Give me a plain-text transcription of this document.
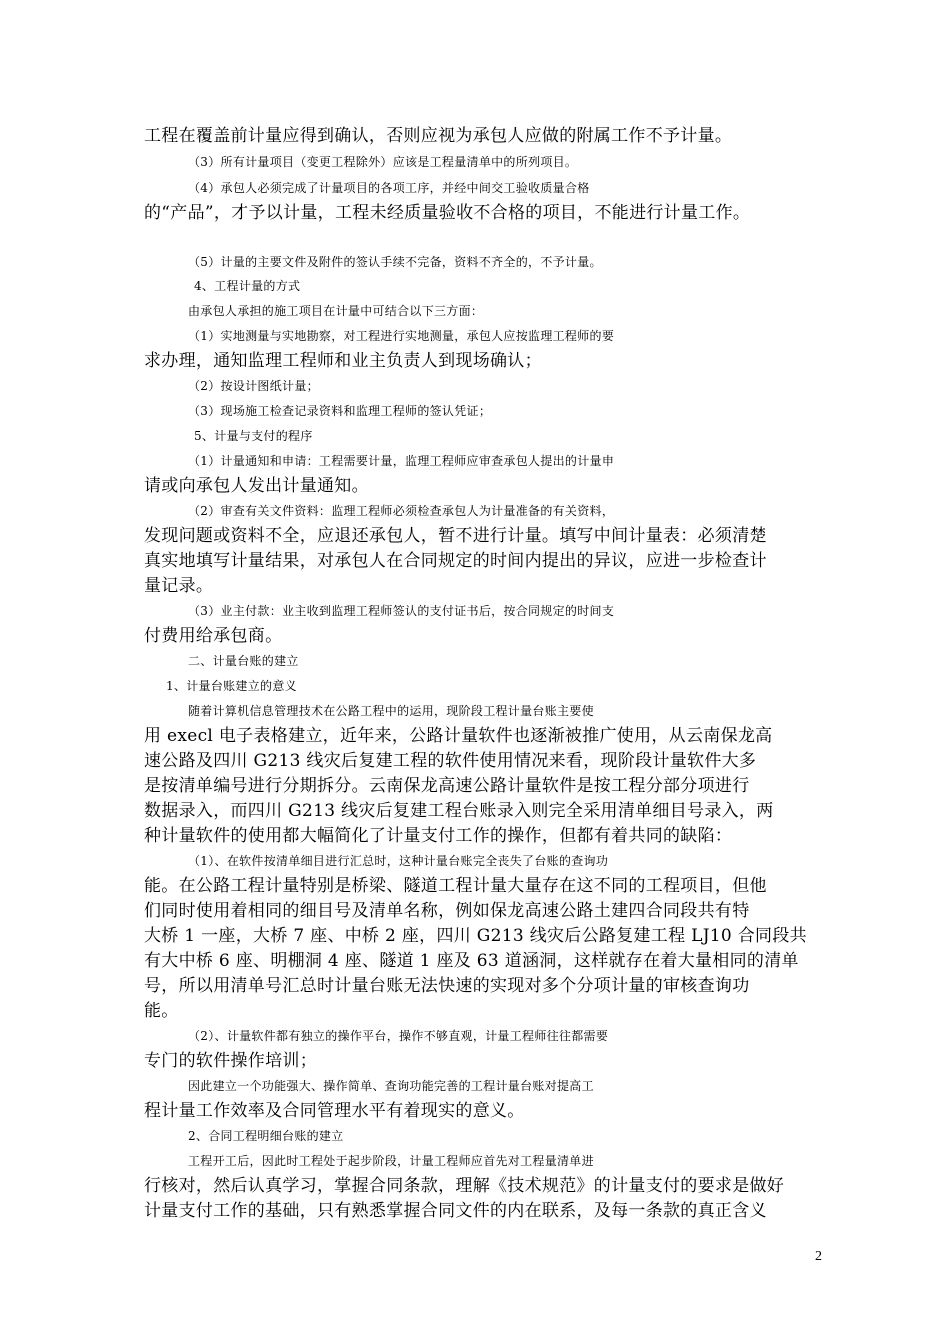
工程在覆盖前计量应得到确认，否则应视为承包人应做的附属工作不予计量。
（3）所有计量项目（变更工程除外）应该是工程量清单中的所列项目。
（4）承包人必须完成了计量项目的各项工序，并经中间交工验收质量合格
的“产品”，才予以计量，工程未经质量验收不合格的项目，不能进行计量工作。
（5）计量的主要文件及附件的签认手续不完备，资料不齐全的，不予计量。
4、工程计量的方式
由承包人承担的施工项目在计量中可结合以下三方面：
（1）实地测量与实地勘察，对工程进行实地测量，承包人应按监理工程师的要
求办理，通知监理工程师和业主负责人到现场确认；
（2）按设计图纸计量；
（3）现场施工检查记录资料和监理工程师的签认凭证；
5、计量与支付的程序
（1）计量通知和申请：工程需要计量，监理工程师应审查承包人提出的计量申
请或向承包人发出计量通知。
（2）审查有关文件资料：监理工程师必须检查承包人为计量准备的有关资料，
发现问题或资料不全，应退还承包人，暂不进行计量。填写中间计量表：必须清楚
真实地填写计量结果，对承包人在合同规定的时间内提出的异议，应进一步检查计
量记录。
（3）业主付款：业主收到监理工程师签认的支付证书后，按合同规定的时间支
付费用给承包商。
二、计量台账的建立
1、计量台账建立的意义
随着计算机信息管理技术在公路工程中的运用，现阶段工程计量台账主要使
用 execl 电子表格建立，近年来，公路计量软件也逐渐被推广使用，从云南保龙高
速公路及四川 G213 线灾后复建工程的软件使用情况来看，现阶段计量软件大多
是按清单编号进行分期拆分。云南保龙高速公路计量软件是按工程分部分项进行
数据录入，而四川 G213 线灾后复建工程台账录入则完全采用清单细目号录入，两
种计量软件的使用都大幅简化了计量支付工作的操作，但都有着共同的缺陷：
（1）、在软件按清单细目进行汇总时，这种计量台账完全丧失了台账的查询功
能。在公路工程计量特别是桥梁、隧道工程计量大量存在这不同的工程项目，但他
们同时使用着相同的细目号及清单名称，例如保龙高速公路土建四合同段共有特
大桥 1 一座，大桥 7 座、中桥 2 座，四川 G213 线灾后公路复建工程 LJ10 合同段共
有大中桥 6 座、明棚洞 4 座、隧道 1 座及 63 道涵洞，这样就存在着大量相同的清单
号，所以用清单号汇总时计量台账无法快速的实现对多个分项计量的审核查询功
能。
（2）、计量软件都有独立的操作平台，操作不够直观，计量工程师往往都需要
专门的软件操作培训；
因此建立一个功能强大、操作简单、查询功能完善的工程计量台账对提高工
程计量工作效率及合同管理水平有着现实的意义。
2、合同工程明细台账的建立
工程开工后，因此时工程处于起步阶段，计量工程师应首先对工程量清单进
行核对，然后认真学习，掌握合同条款，理解《技术规范》的计量支付的要求是做好
计量支付工作的基础，只有熟悉掌握合同文件的内在联系，及每一条款的真正含义
2
